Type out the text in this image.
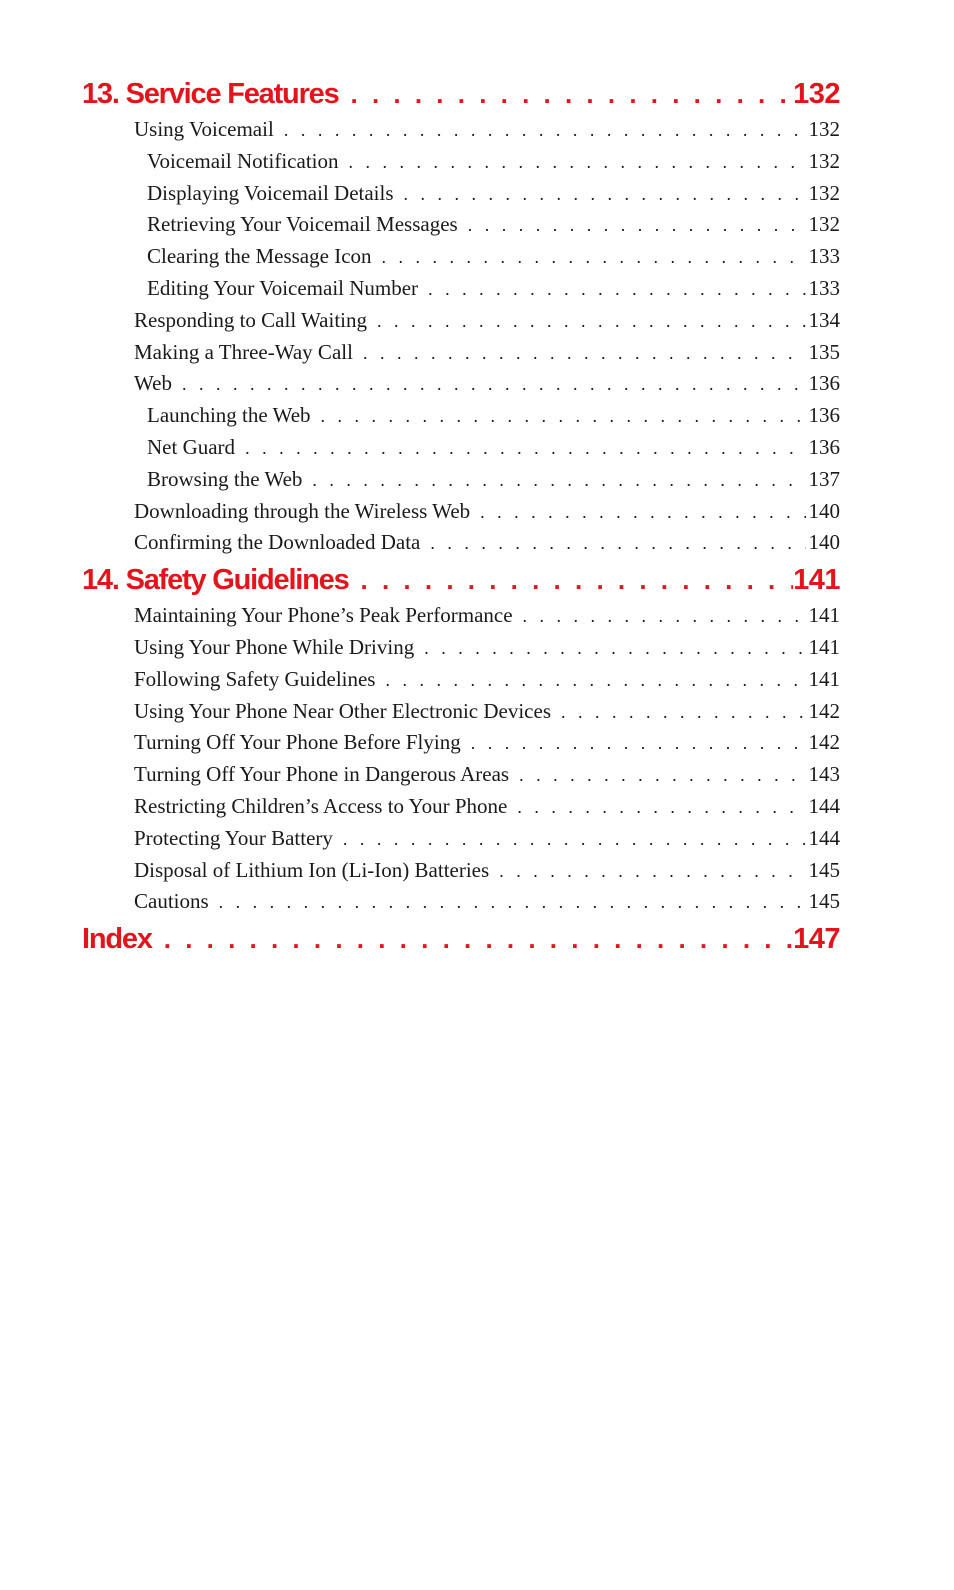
13. Service Features . . .	132
Using Voicemail . . .	132
Voicemail Notification . . .	132
Displaying Voicemail Details . . .	132
Retrieving Your Voicemail Messages . . .	132
Clearing the Message Icon . . .	133
Editing Your Voicemail Number . . .	133
Responding to Call Waiting . . .	134
Making a Three-Way Call . . .	135
Web . . .	136
Launching the Web . . .	136
Net Guard . . .	136
Browsing the Web . . .	137
Downloading through the Wireless Web . . .	140
Confirming the Downloaded Data . . .	140
14. Safety Guidelines . . .	141
Maintaining Your Phone’s Peak Performance . . .	141
Using Your Phone While Driving . . .	141
Following Safety Guidelines . . .	141
Using Your Phone Near Other Electronic Devices . . .	142
Turning Off Your Phone Before Flying . . .	142
Turning Off Your Phone in Dangerous Areas . . .	143
Restricting Children’s Access to Your Phone . . .	144
Protecting Your Battery . . .	144
Disposal of Lithium Ion (Li-Ion) Batteries . . .	145
Cautions . . .	145
Index . . .	147
